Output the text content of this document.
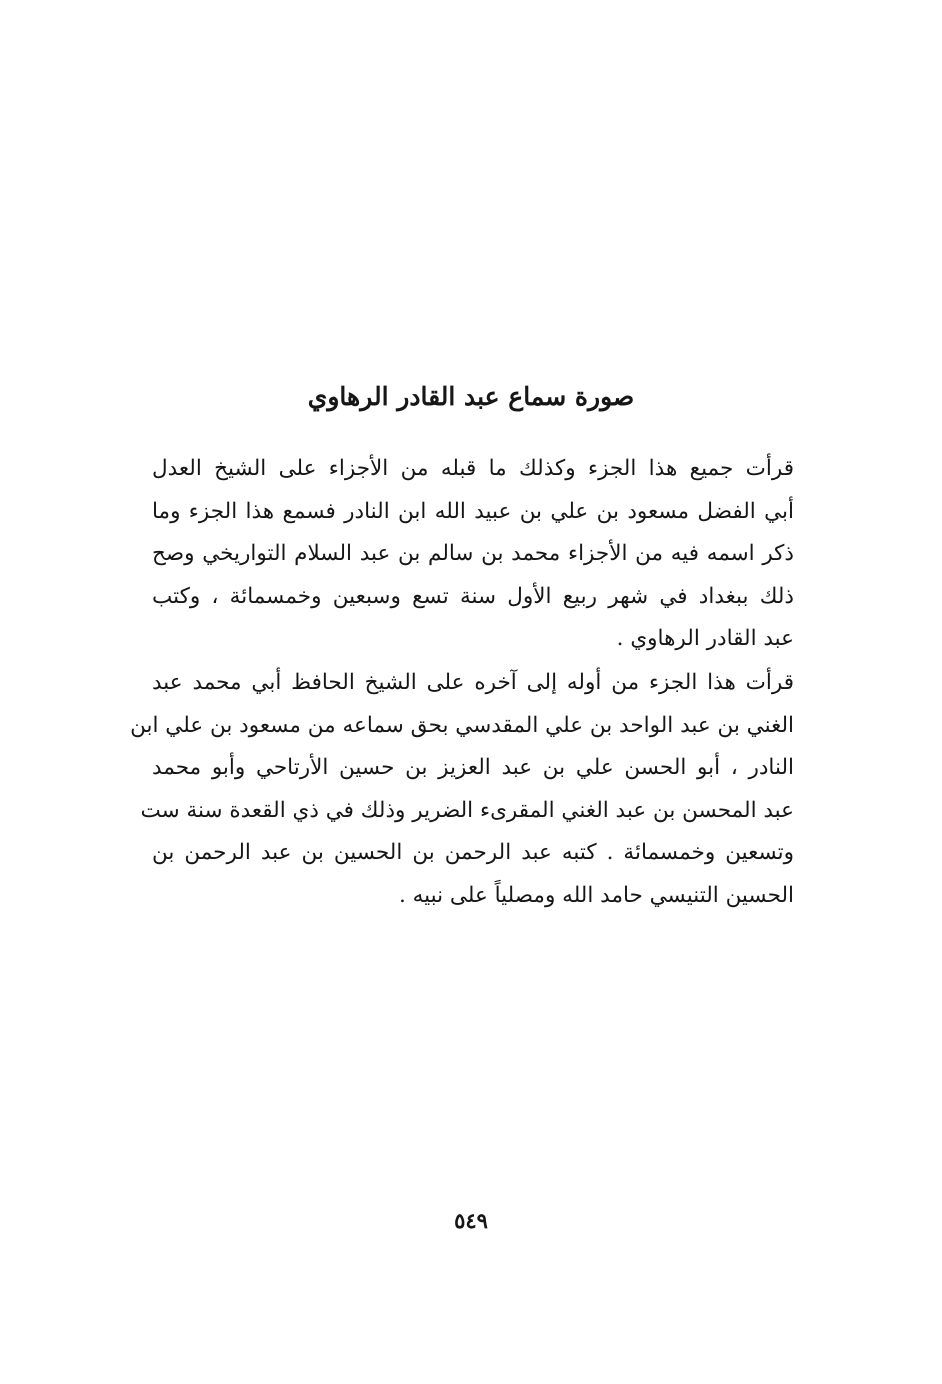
صورة سماع عبد القادر الرهاوي
قرأت جميع هذا الجزء وكذلك ما قبله من الأجزاء على الشيخ العدل
أبي الفضل مسعود بن علي بن عبيد الله ابن النادر فسمع هذا الجزء وما
ذكر اسمه فيه من الأجزاء محمد بن سالم بن عبد السلام التواريخي وصح
ذلك ببغداد في شهر ربيع الأول سنة تسع وسبعين وخمسمائة ، وكتب
عبد القادر الرهاوي .
قرأت هذا الجزء من أوله إلى آخره على الشيخ الحافظ أبي محمد عبد
الغني بن عبد الواحد بن علي المقدسي بحق سماعه من مسعود بن علي ابن
النادر ، أبو الحسن علي بن عبد العزيز بن حسين الأرتاحي وأبو محمد
عبد المحسن بن عبد الغني المقرىء الضرير وذلك في ذي القعدة سنة ست
وتسعين وخمسمائة . كتبه عبد الرحمن بن الحسين بن عبد الرحمن بن
الحسين التنيسي حامد الله ومصلياً على نبيه .
٥٤٩
